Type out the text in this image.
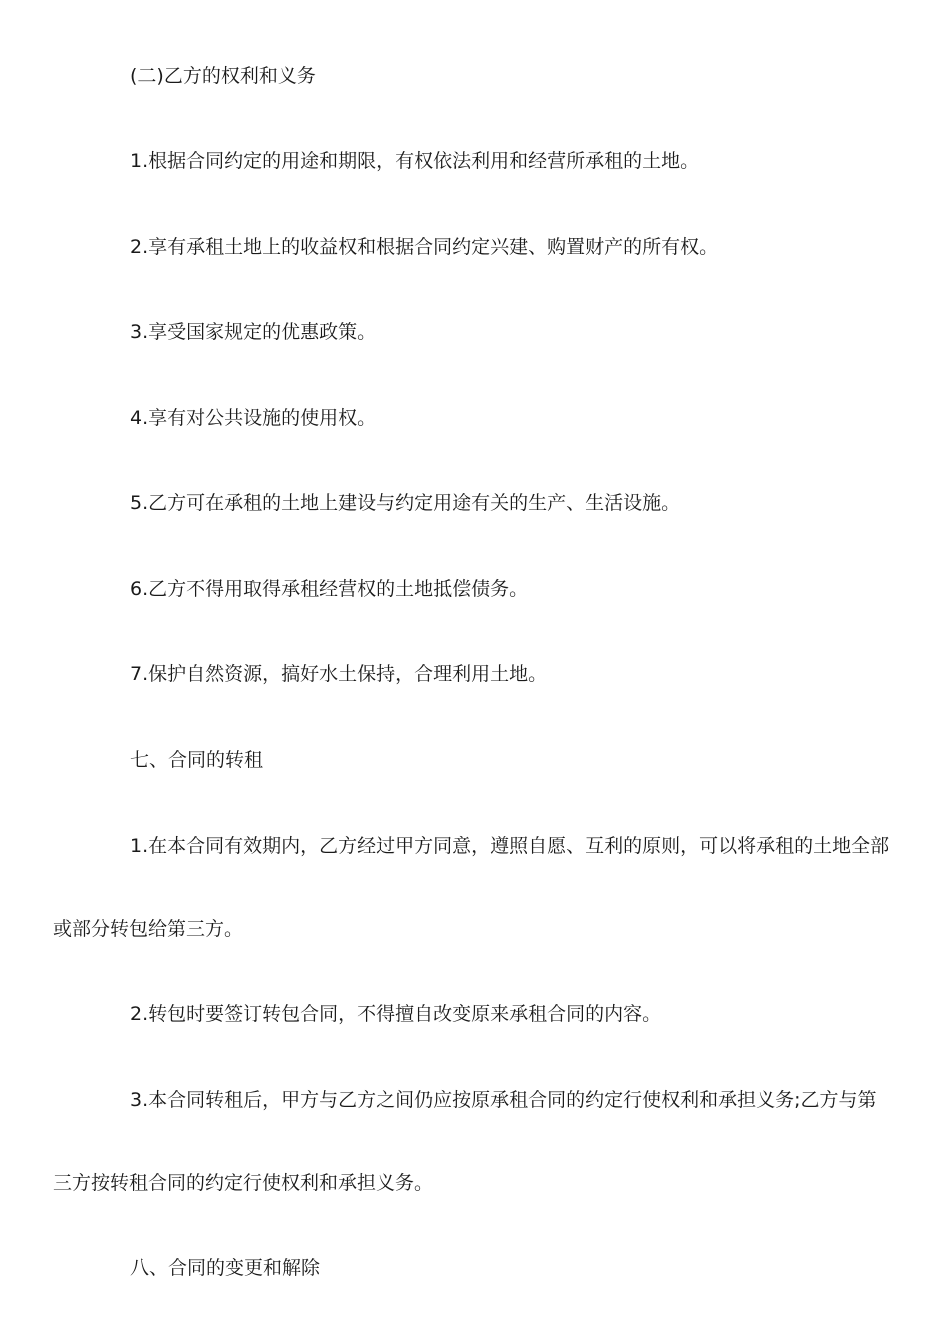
(二)乙方的权利和义务

1.根据合同约定的用途和期限，有权依法利用和经营所承租的土地。

2.享有承租土地上的收益权和根据合同约定兴建、购置财产的所有权。

3.享受国家规定的优惠政策。

4.享有对公共设施的使用权。

5.乙方可在承租的土地上建设与约定用途有关的生产、生活设施。

6.乙方不得用取得承租经营权的土地抵偿债务。

7.保护自然资源，搞好水土保持，合理利用土地。

七、合同的转租

1.在本合同有效期内，乙方经过甲方同意，遵照自愿、互利的原则，可以将承租的土地全部

或部分转包给第三方。

2.转包时要签订转包合同，不得擅自改变原来承租合同的内容。

3.本合同转租后，甲方与乙方之间仍应按原承租合同的约定行使权利和承担义务;乙方与第

三方按转租合同的约定行使权利和承担义务。

八、合同的变更和解除
